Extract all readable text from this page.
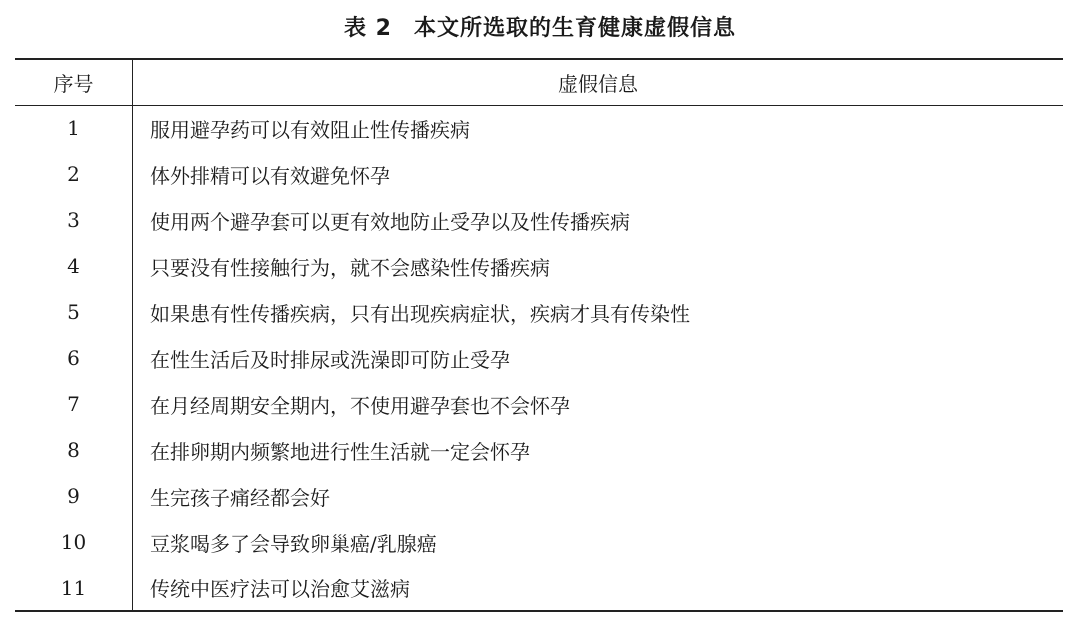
表 2 本文所选取的生育健康虚假信息
序号	虚假信息
1	服用避孕药可以有效阻止性传播疾病
2	体外排精可以有效避免怀孕
3	使用两个避孕套可以更有效地防止受孕以及性传播疾病
4	只要没有性接触行为，就不会感染性传播疾病
5	如果患有性传播疾病，只有出现疾病症状，疾病才具有传染性
6	在性生活后及时排尿或洗澡即可防止受孕
7	在月经周期安全期内，不使用避孕套也不会怀孕
8	在排卵期内频繁地进行性生活就一定会怀孕
9	生完孩子痛经都会好
10	豆浆喝多了会导致卵巢癌/乳腺癌
11	传统中医疗法可以治愈艾滋病
